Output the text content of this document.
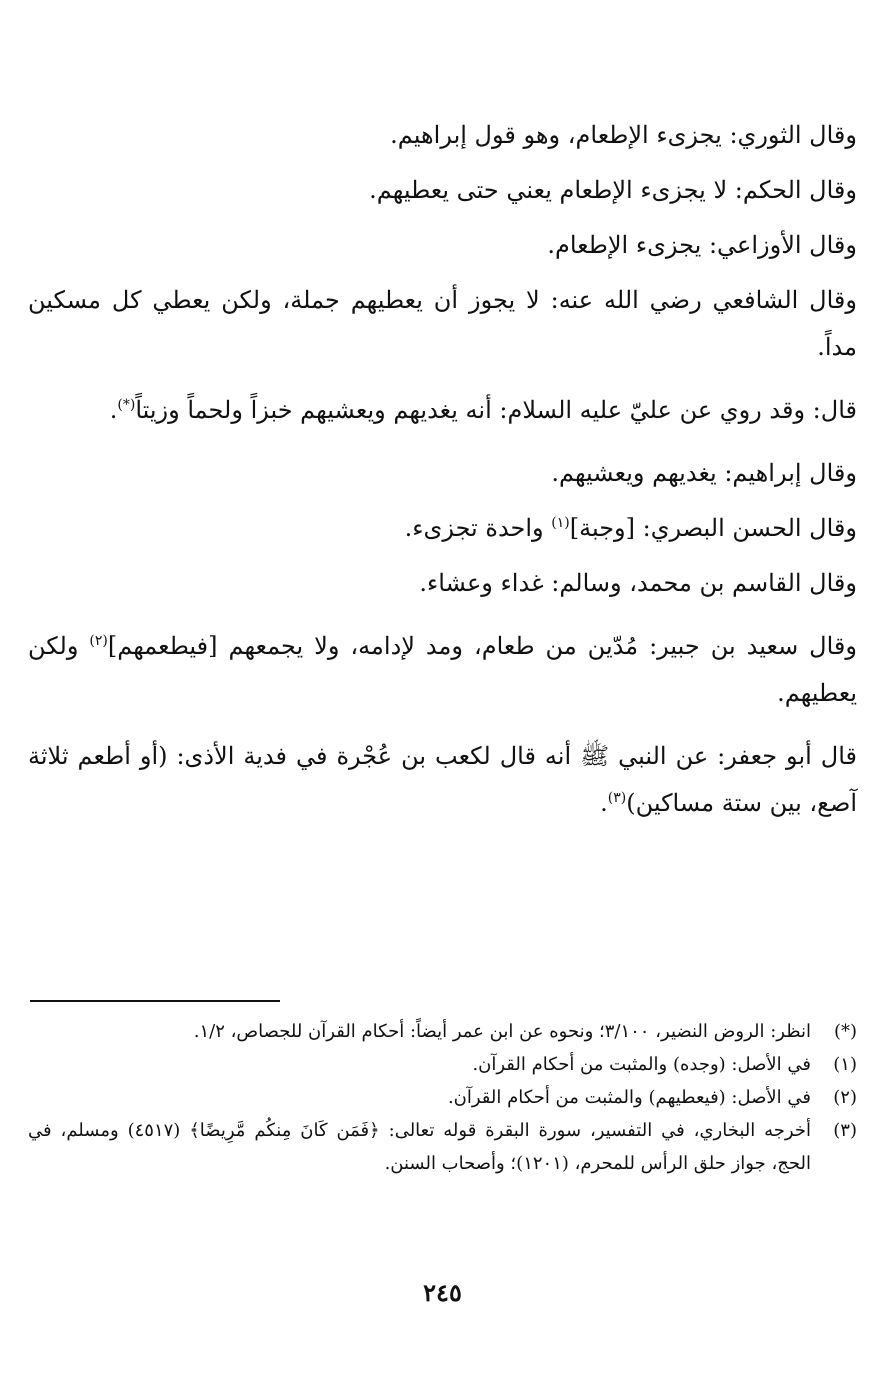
وقال الثوري: يجزىء الإطعام، وهو قول إبراهيم.

وقال الحكم: لا يجزىء الإطعام يعني حتى يعطيهم.

وقال الأوزاعي: يجزىء الإطعام.

وقال الشافعي رضي الله عنه: لا يجوز أن يعطيهم جملة، ولكن يعطي كل مسكين مداً.

قال: وقد روي عن عليّ عليه السلام: أنه يغديهم ويعشيهم خبزاً ولحماً وزيتاً(*).

وقال إبراهيم: يغديهم ويعشيهم.

وقال الحسن البصري: [وجبة]$^{(١)}$ واحدة تجزىء.

وقال القاسم بن محمد، وسالم: غداء وعشاء.

وقال سعيد بن جبير: مُدّين من طعام، ومد لإدامه، ولا يجمعهم [فيطعمهم]$^{(٢)}$ ولكن يعطيهم.

قال أبو جعفر: عن النبي ﷺ أنه قال لكعب بن عُجْرة في فدية الأذى: (أو أطعم ثلاثة آصع، بين ستة مساكين)$^{(٣)}$.

(*)
انظر: الروض النضير، ٣/١٠٠؛ ونحوه عن ابن عمر أيضاً: أحكام القرآن للجصاص، ١/٢.
(١)
في الأصل: (وجده) والمثبت من أحكام القرآن.
(٢)
في الأصل: (فيعطيهم) والمثبت من أحكام القرآن.
(٣)
أخرجه البخاري، في التفسير، سورة البقرة قوله تعالى: ﴿فَمَن كَانَ مِنكُم مَّرِيضًا﴾ (٤٥١٧) ومسلم، في الحج، جواز حلق الرأس للمحرم، (١٢٠١)؛ وأصحاب السنن.
٢٤٥
